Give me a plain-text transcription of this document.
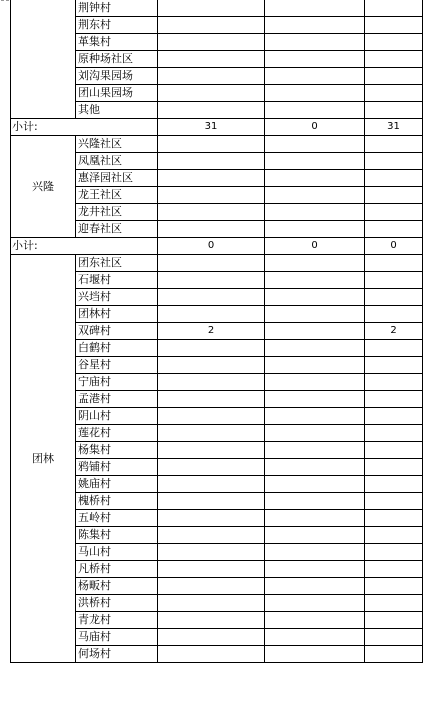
	荆钟村			
	荆东村			
	革集村			
	原种场社区			
	刘沟果园场			
	团山果园场			
	其他			
小计:		31	0	31
兴隆	兴隆社区			
	凤凰社区			
	惠泽园社区			
	龙王社区			
	龙井社区			
	迎春社区			
小计:		0	0	0
团林	团东社区			
	石堰村			
	兴垱村			
	团林村			
	双碑村	2		2
	白鹤村			
	谷星村			
	宁庙村			
	孟港村			
	阴山村			
	莲花村			
	杨集村			
	鸦铺村			
	姚庙村			
	槐桥村			
	五岭村			
	陈集村			
	马山村			
	凡桥村			
	杨畈村			
	洪桥村			
	青龙村			
	马庙村			
	何场村			
